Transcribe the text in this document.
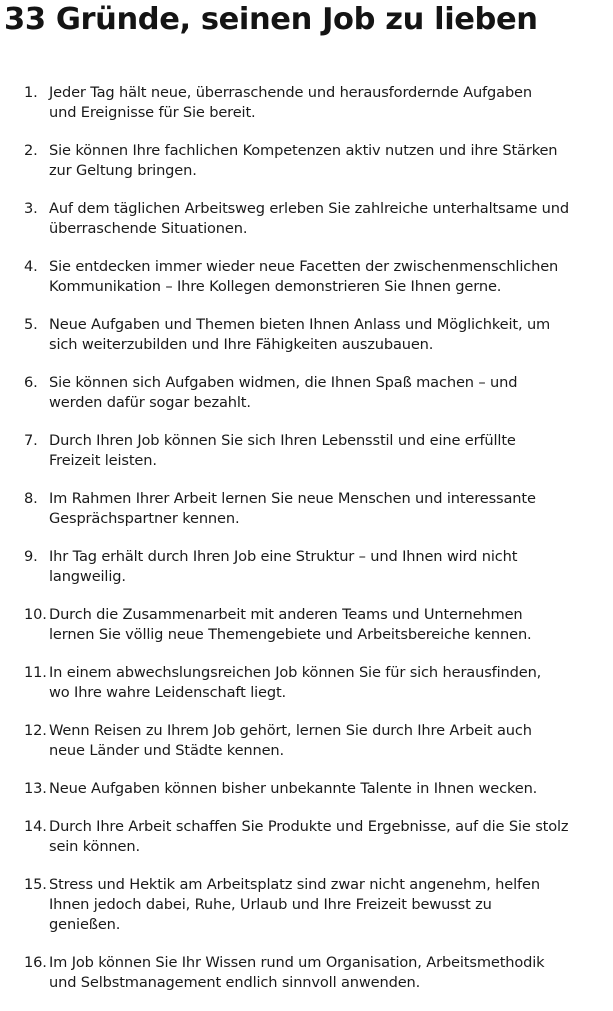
33 Gründe, seinen Job zu lieben
1. Jeder Tag hält neue, überraschende und herausfordernde Aufgaben
und Ereignisse für Sie bereit.
2. Sie können Ihre fachlichen Kompetenzen aktiv nutzen und ihre Stärken
zur Geltung bringen.
3. Auf dem täglichen Arbeitsweg erleben Sie zahlreiche unterhaltsame und
überraschende Situationen.
4. Sie entdecken immer wieder neue Facetten der zwischenmenschlichen
Kommunikation – Ihre Kollegen demonstrieren Sie Ihnen gerne.
5. Neue Aufgaben und Themen bieten Ihnen Anlass und Möglichkeit, um
sich weiterzubilden und Ihre Fähigkeiten auszubauen.
6. Sie können sich Aufgaben widmen, die Ihnen Spaß machen – und
werden dafür sogar bezahlt.
7. Durch Ihren Job können Sie sich Ihren Lebensstil und eine erfüllte
Freizeit leisten.
8. Im Rahmen Ihrer Arbeit lernen Sie neue Menschen und interessante
Gesprächspartner kennen.
9. Ihr Tag erhält durch Ihren Job eine Struktur – und Ihnen wird nicht
langweilig.
10. Durch die Zusammenarbeit mit anderen Teams und Unternehmen
lernen Sie völlig neue Themengebiete und Arbeitsbereiche kennen.
11. In einem abwechslungsreichen Job können Sie für sich herausfinden,
wo Ihre wahre Leidenschaft liegt.
12. Wenn Reisen zu Ihrem Job gehört, lernen Sie durch Ihre Arbeit auch
neue Länder und Städte kennen.
13. Neue Aufgaben können bisher unbekannte Talente in Ihnen wecken.
14. Durch Ihre Arbeit schaffen Sie Produkte und Ergebnisse, auf die Sie stolz
sein können.
15. Stress und Hektik am Arbeitsplatz sind zwar nicht angenehm, helfen
Ihnen jedoch dabei, Ruhe, Urlaub und Ihre Freizeit bewusst zu
genießen.
16. Im Job können Sie Ihr Wissen rund um Organisation, Arbeitsmethodik
und Selbstmanagement endlich sinnvoll anwenden.
